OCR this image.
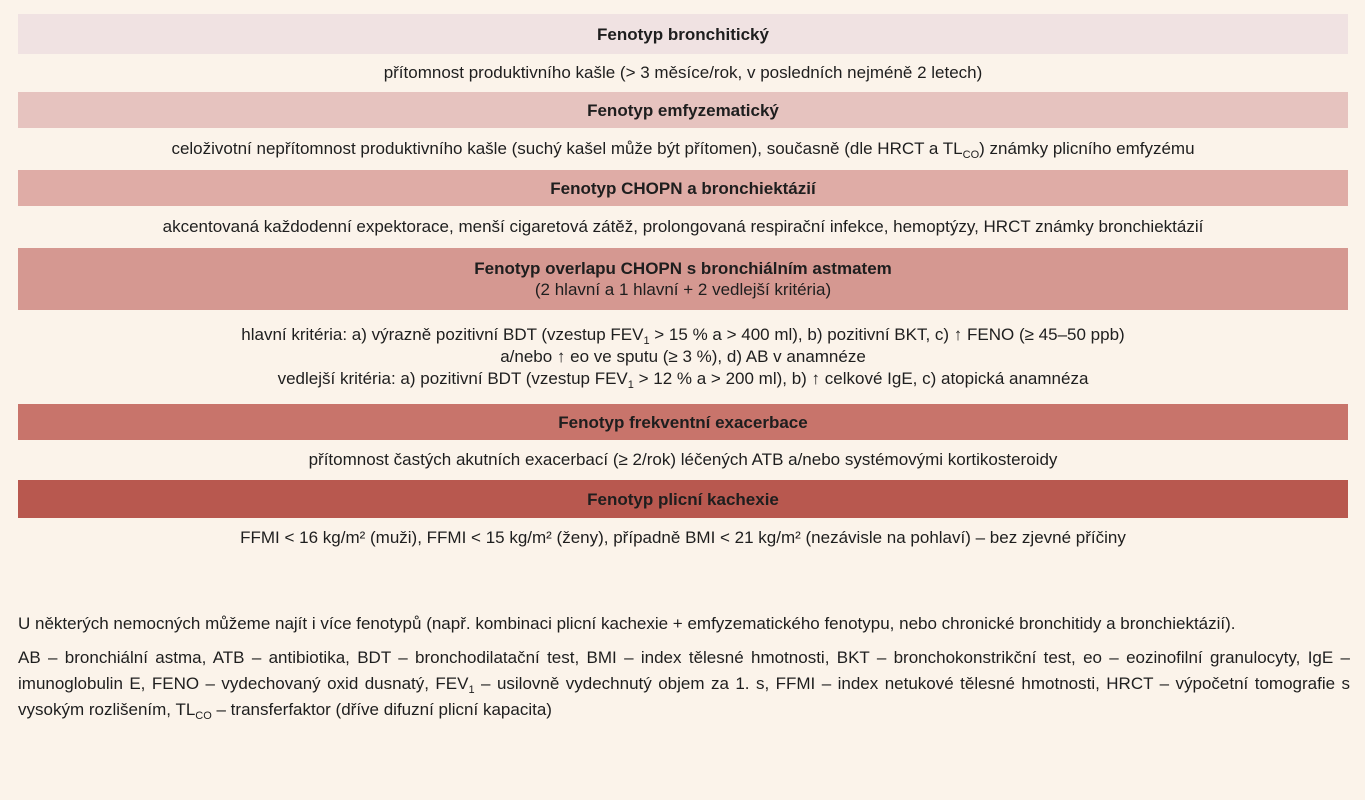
Fenotyp bronchitický
přítomnost produktivního kašle (> 3 měsíce/rok, v posledních nejméně 2 letech)
Fenotyp emfyzematický
celoživotní nepřítomnost produktivního kašle (suchý kašel může být přítomen), současně (dle HRCT a $TL_{CO}$) známky plicního emfyzému
Fenotyp CHOPN a bronchiektázií
akcentovaná každodenní expektorace, menší cigaretová zátěž, prolongovaná respirační infekce, hemoptýzy, HRCT známky bronchiektázií
Fenotyp overlapu CHOPN s bronchiálním astmatem
(2 hlavní a 1 hlavní + 2 vedlejší kritéria)
hlavní kritéria: a) výrazně pozitivní BDT (vzestup $FEV_1 > 15$ % a > 400 ml), b) pozitivní BKT, c) ↑ FENO (≥ 45–50 ppb)
a/nebo ↑ eo ve sputu (≥ 3 %), d) AB v anamnéze
vedlejší kritéria: a) pozitivní BDT (vzestup $FEV_1 > 12$ % a > 200 ml), b) ↑ celkové IgE, c) atopická anamnéza
Fenotyp frekventní exacerbace
přítomnost častých akutních exacerbací (≥ 2/rok) léčených ATB a/nebo systémovými kortikosteroidy
Fenotyp plicní kachexie
FFMI < 16 kg/m² (muži), FFMI < 15 kg/m² (ženy), případně BMI < 21 kg/m² (nezávisle na pohlaví) – bez zjevné příčiny

U některých nemocných můžeme najít i více fenotypů (např. kombinaci plicní kachexie + emfyzematického fenotypu, nebo chronické bronchitidy a bronchiektázií).

AB – bronchiální astma, ATB – antibiotika, BDT – bronchodilatační test, BMI – index tělesné hmotnosti, BKT – bronchokonstrikční test, eo – eozinofilní granulocyty, IgE – imunoglobulin E, FENO – vydechovaný oxid dusnatý, $FEV_1$ – usilovně vydechnutý objem za 1. s, FFMI – index netukové tělesné hmotnosti, HRCT – výpočetní tomografie s vysokým rozlišením, $TL_{CO}$ – transferfaktor (dříve difuzní plicní kapacita)
